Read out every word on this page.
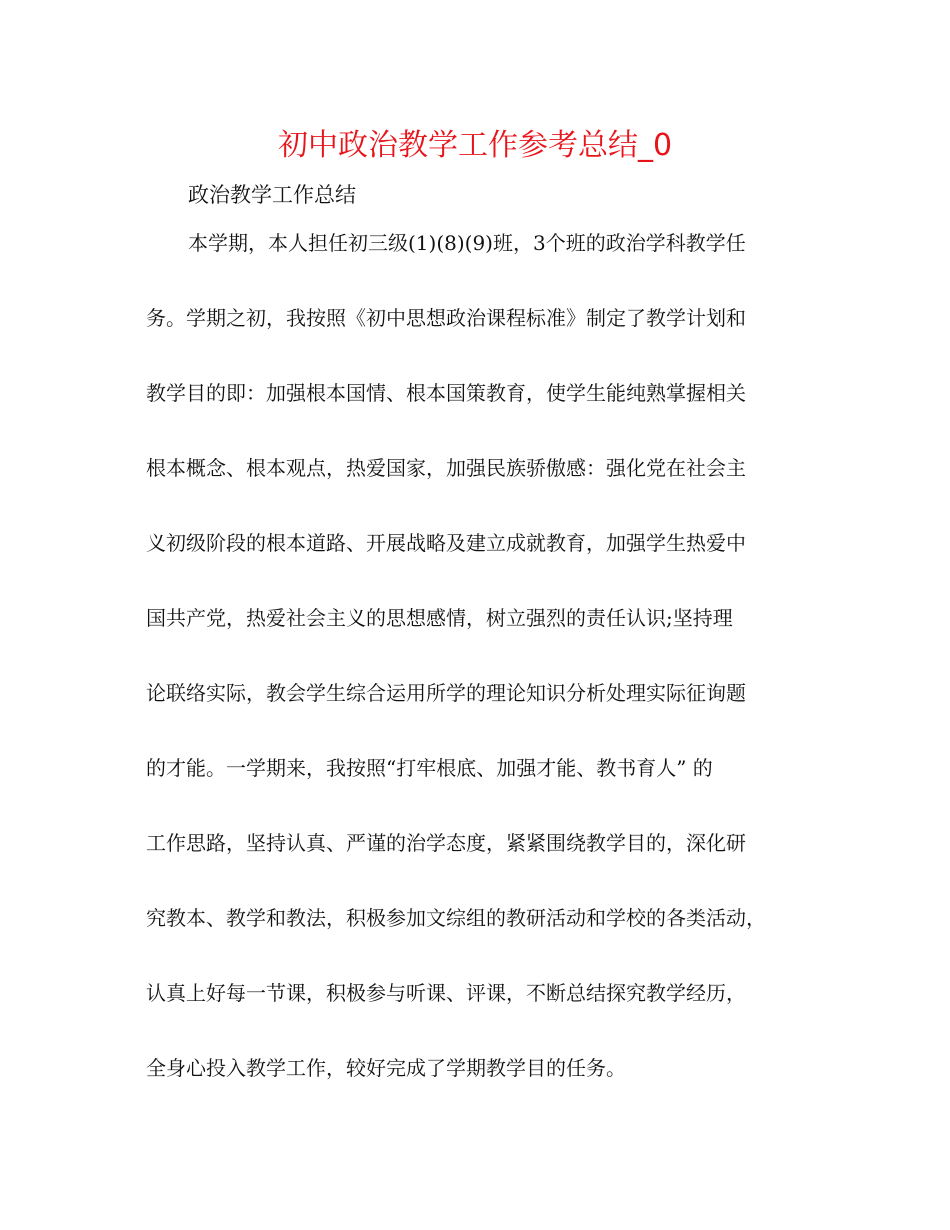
初中政治教学工作参考总结_0

政治教学工作总结

本学期，本人担任初三级(1)(8)(9)班，3个班的政治学科教学任
务。学期之初，我按照《初中思想政治课程标准》制定了教学计划和
教学目的即：加强根本国情、根本国策教育，使学生能纯熟掌握相关
根本概念、根本观点，热爱国家，加强民族骄傲感：强化党在社会主
义初级阶段的根本道路、开展战略及建立成就教育，加强学生热爱中
国共产党，热爱社会主义的思想感情，树立强烈的责任认识;坚持理
论联络实际，教会学生综合运用所学的理论知识分析处理实际征询题
的才能。一学期来，我按照“打牢根底、加强才能、教书育人” 的
工作思路，坚持认真、严谨的治学态度，紧紧围绕教学目的，深化研
究教本、教学和教法，积极参加文综组的教研活动和学校的各类活动，
认真上好每一节课，积极参与听课、评课，不断总结探究教学经历，
全身心投入教学工作，较好完成了学期教学目的任务。
